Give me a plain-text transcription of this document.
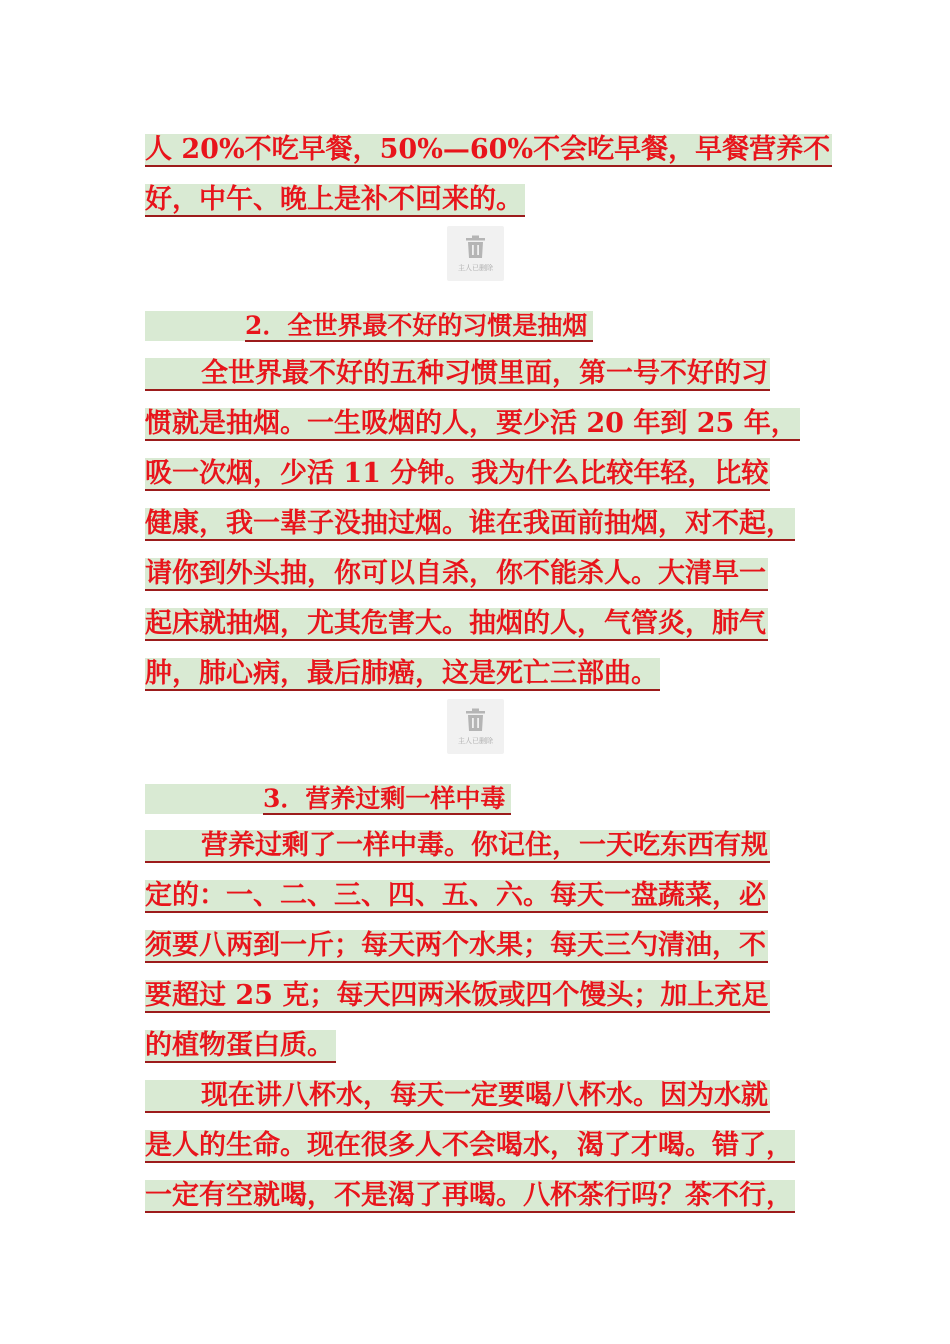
人 20%不吃早餐，50%—60%不会吃早餐，早餐营养不
好，中午、晚上是补不回来的。
主人已删除
2．全世界最不好的习惯是抽烟
全世界最不好的五种习惯里面，第一号不好的习
惯就是抽烟。一生吸烟的人，要少活 20 年到 25 年，
吸一次烟，少活 11 分钟。我为什么比较年轻，比较
健康，我一辈子没抽过烟。谁在我面前抽烟，对不起，
请你到外头抽，你可以自杀，你不能杀人。大清早一
起床就抽烟，尤其危害大。抽烟的人，气管炎，肺气
肿，肺心病，最后肺癌，这是死亡三部曲。
主人已删除
3．营养过剩一样中毒
营养过剩了一样中毒。你记住，一天吃东西有规
定的：一、二、三、四、五、六。每天一盘蔬菜，必
须要八两到一斤；每天两个水果；每天三勺清油，不
要超过 25 克；每天四两米饭或四个馒头；加上充足
的植物蛋白质。
现在讲八杯水，每天一定要喝八杯水。因为水就
是人的生命。现在很多人不会喝水，渴了才喝。错了，
一定有空就喝，不是渴了再喝。八杯茶行吗？茶不行，
